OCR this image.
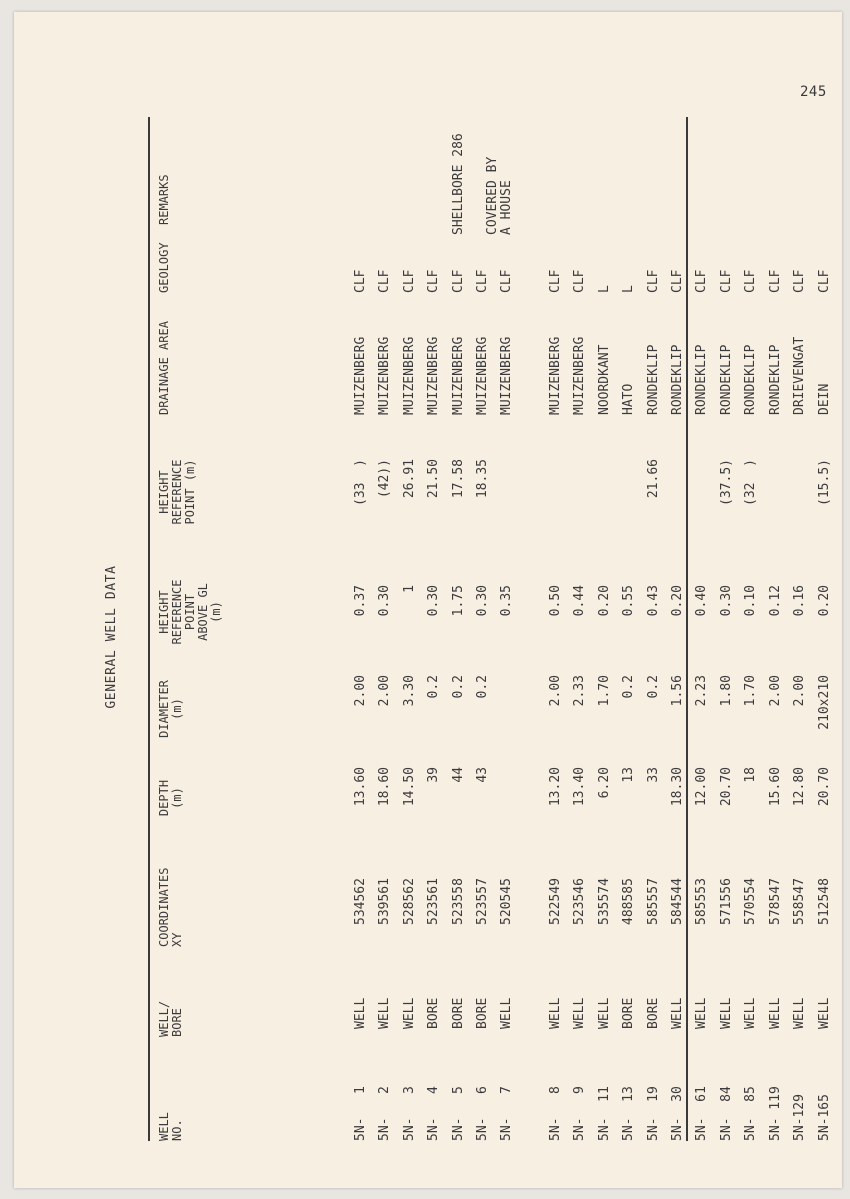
245
GENERAL WELL DATA
WELL
NO.
WELL/
BORE
COORDINATES
XY
DEPTH
(m)
DIAMETER
(m)
HEIGHT
REFERENCE
POINT
ABOVE GL
(m)
HEIGHT
REFERENCE
POINT (m)
DRAINAGE AREA
GEOLOGY
REMARKS
5N-   1
WELL
534562
13.60
2.00
0.37
(33  )
MUIZENBERG
CLF
5N-   2
WELL
539561
18.60
2.00
0.30
(42))
MUIZENBERG
CLF
5N-   3
WELL
528562
14.50
3.30
1
26.91
MUIZENBERG
CLF
5N-   4
BORE
523561
39
0.2
0.30
21.50
MUIZENBERG
CLF
5N-   5
BORE
523558
44
0.2
1.75
17.58
MUIZENBERG
CLF
SHELLBORE 286
5N-   6
BORE
523557
43
0.2
0.30
18.35
MUIZENBERG
CLF
5N-   7
WELL
520545
0.35
MUIZENBERG
CLF
COVERED BY
A HOUSE
5N-   8
WELL
522549
13.20
2.00
0.50
MUIZENBERG
CLF
5N-   9
WELL
523546
13.40
2.33
0.44
MUIZENBERG
CLF
5N-  11
WELL
535574
6.20
1.70
0.20
NOORDKANT
L
5N-  13
BORE
488585
13
0.2
0.55
HATO
L
5N-  19
BORE
585557
33
0.2
0.43
21.66
RONDEKLIP
CLF
5N-  30
WELL
584544
18.30
1.56
0.20
RONDEKLIP
CLF
5N-  61
WELL
585553
12.00
2.23
0.40
RONDEKLIP
CLF
5N-  84
WELL
571556
20.70
1.80
0.30
(37.5)
RONDEKLIP
CLF
5N-  85
WELL
570554
18
1.70
0.10
(32  )
RONDEKLIP
CLF
5N- 119
WELL
578547
15.60
2.00
0.12
RONDEKLIP
CLF
5N-129
WELL
558547
12.80
2.00
0.16
DRIEVENGAT
CLF
5N-165
WELL
512548
20.70
210x210
0.20
(15.5)
DEIN
CLF
